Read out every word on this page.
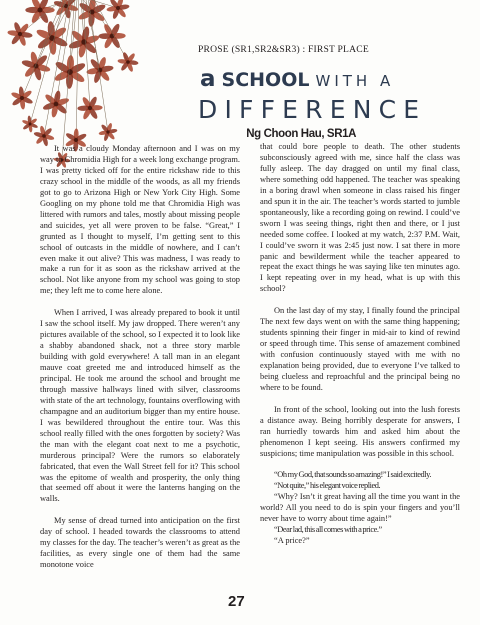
PROSE (SR1,SR2&SR3) : FIRST PLACE
a SCHOOL WITH A
DIFFERENCE
Ng Choon Hau, SR1A

It was a cloudy Monday afternoon and I was on my way to Chromidia High for a week long exchange program. I was pretty ticked off for the entire rickshaw ride to this crazy school in the middle of the woods, as all my friends got to go to Arizona High or New York City High. Some Googling on my phone told me that Chromidia High was littered with rumors and tales, mostly about missing people and suicides, yet all were proven to be false. “Great,” I grunted as I thought to myself, I’m getting sent to this school of outcasts in the middle of nowhere, and I can’t even make it out alive? This was madness, I was ready to make a run for it as soon as the rickshaw arrived at the school. Not like anyone from my school was going to stop me; they left me to come here alone.

When I arrived, I was already prepared to book it until I saw the school itself. My jaw dropped. There weren’t any pictures available of the school, so I expected it to look like a shabby abandoned shack, not a three story marble building with gold everywhere! A tall man in an elegant mauve coat greeted me and introduced himself as the principal. He took me around the school and brought me through massive hallways lined with silver, classrooms with state of the art technology, fountains overflowing with champagne and an auditorium bigger than my entire house. I was bewildered throughout the entire tour. Was this school really filled with the ones forgotten by society? Was the man with the elegant coat next to me a psychotic, murderous principal? Were the rumors so elaborately fabricated, that even the Wall Street fell for it? This school was the epitome of wealth and prosperity, the only thing that seemed off about it were the lanterns hanging on the walls.

My sense of dread turned into anticipation on the first day of school. I headed towards the classrooms to attend my classes for the day. The teacher’s weren’t as great as the facilities, as every single one of them had the same monotone voice

that could bore people to death. The other students subconsciously agreed with me, since half the class was fully asleep. The day dragged on until my final class, where something odd happened. The teacher was speaking in a boring drawl when someone in class raised his finger and spun it in the air. The teacher’s words started to jumble spontaneously, like a recording going on rewind. I could’ve sworn I was seeing things, right then and there, or I just needed some coffee. I looked at my watch, 2:37 P.M. Wait, I could’ve sworn it was 2:45 just now. I sat there in more panic and bewilderment while the teacher appeared to repeat the exact things he was saying like ten minutes ago. I kept repeating over in my head, what is up with this school?

On the last day of my stay, I finally found the principal The next few days went on with the same thing happening; students spinning their finger in mid-air to kind of rewind or speed through time. This sense of amazement combined with confusion continuously stayed with me with no explanation being provided, due to everyone I’ve talked to being clueless and reproachful and the principal being no where to be found.

In front of the school, looking out into the lush forests a distance away. Being horribly desperate for answers, I ran hurriedly towards him and asked him about the phenomenon I kept seeing. His answers confirmed my suspicions; time manipulation was possible in this school.

“Oh my God, that sounds so amazing!” I said excitedly.

“Not quite,” his elegant voice replied.

“Why? Isn’t it great having all the time you want in the world? All you need to do is spin your fingers and you’ll never have to worry about time again!”

“Dear lad, this all comes with a price.”

“A price?”

27
